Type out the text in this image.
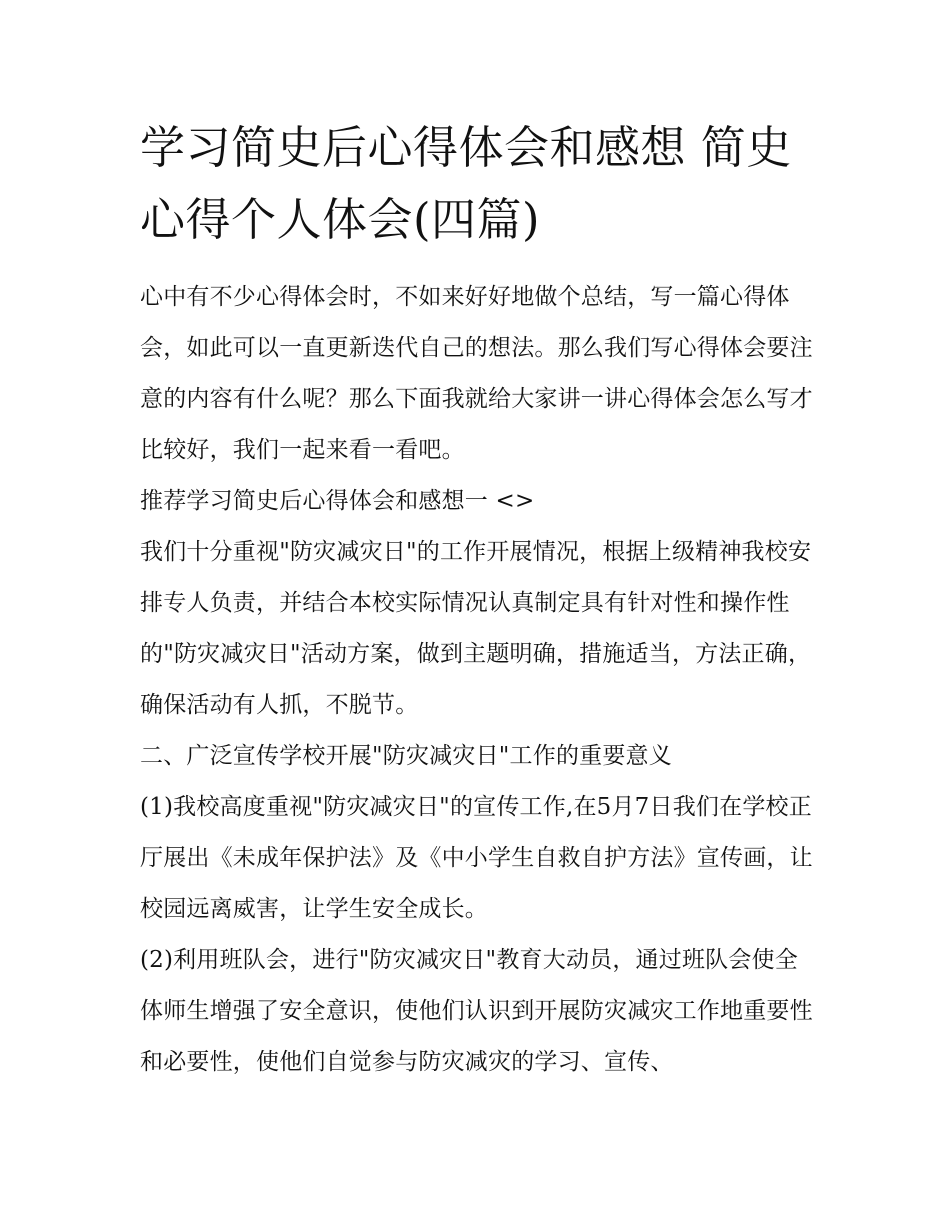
学习简史后心得体会和感想 简史心得个人体会(四篇)

心中有不少心得体会时，不如来好好地做个总结，写一篇心得体会，如此可以一直更新迭代自己的想法。那么我们写心得体会要注意的内容有什么呢？那么下面我就给大家讲一讲心得体会怎么写才比较好，我们一起来看一看吧。

推荐学习简史后心得体会和感想一 <>

我们十分重视"防灾减灾日"的工作开展情况，根据上级精神我校安排专人负责，并结合本校实际情况认真制定具有针对性和操作性的"防灾减灾日"活动方案，做到主题明确，措施适当，方法正确，确保活动有人抓，不脱节。

二、广泛宣传学校开展"防灾减灾日"工作的重要意义

(1)我校高度重视"防灾减灾日"的宣传工作,在5月7日我们在学校正厅展出《未成年保护法》及《中小学生自救自护方法》宣传画，让校园远离威害，让学生安全成长。

(2)利用班队会，进行"防灾减灾日"教育大动员，通过班队会使全体师生增强了安全意识，使他们认识到开展防灾减灾工作地重要性和必要性，使他们自觉参与防灾减灾的学习、宣传、
